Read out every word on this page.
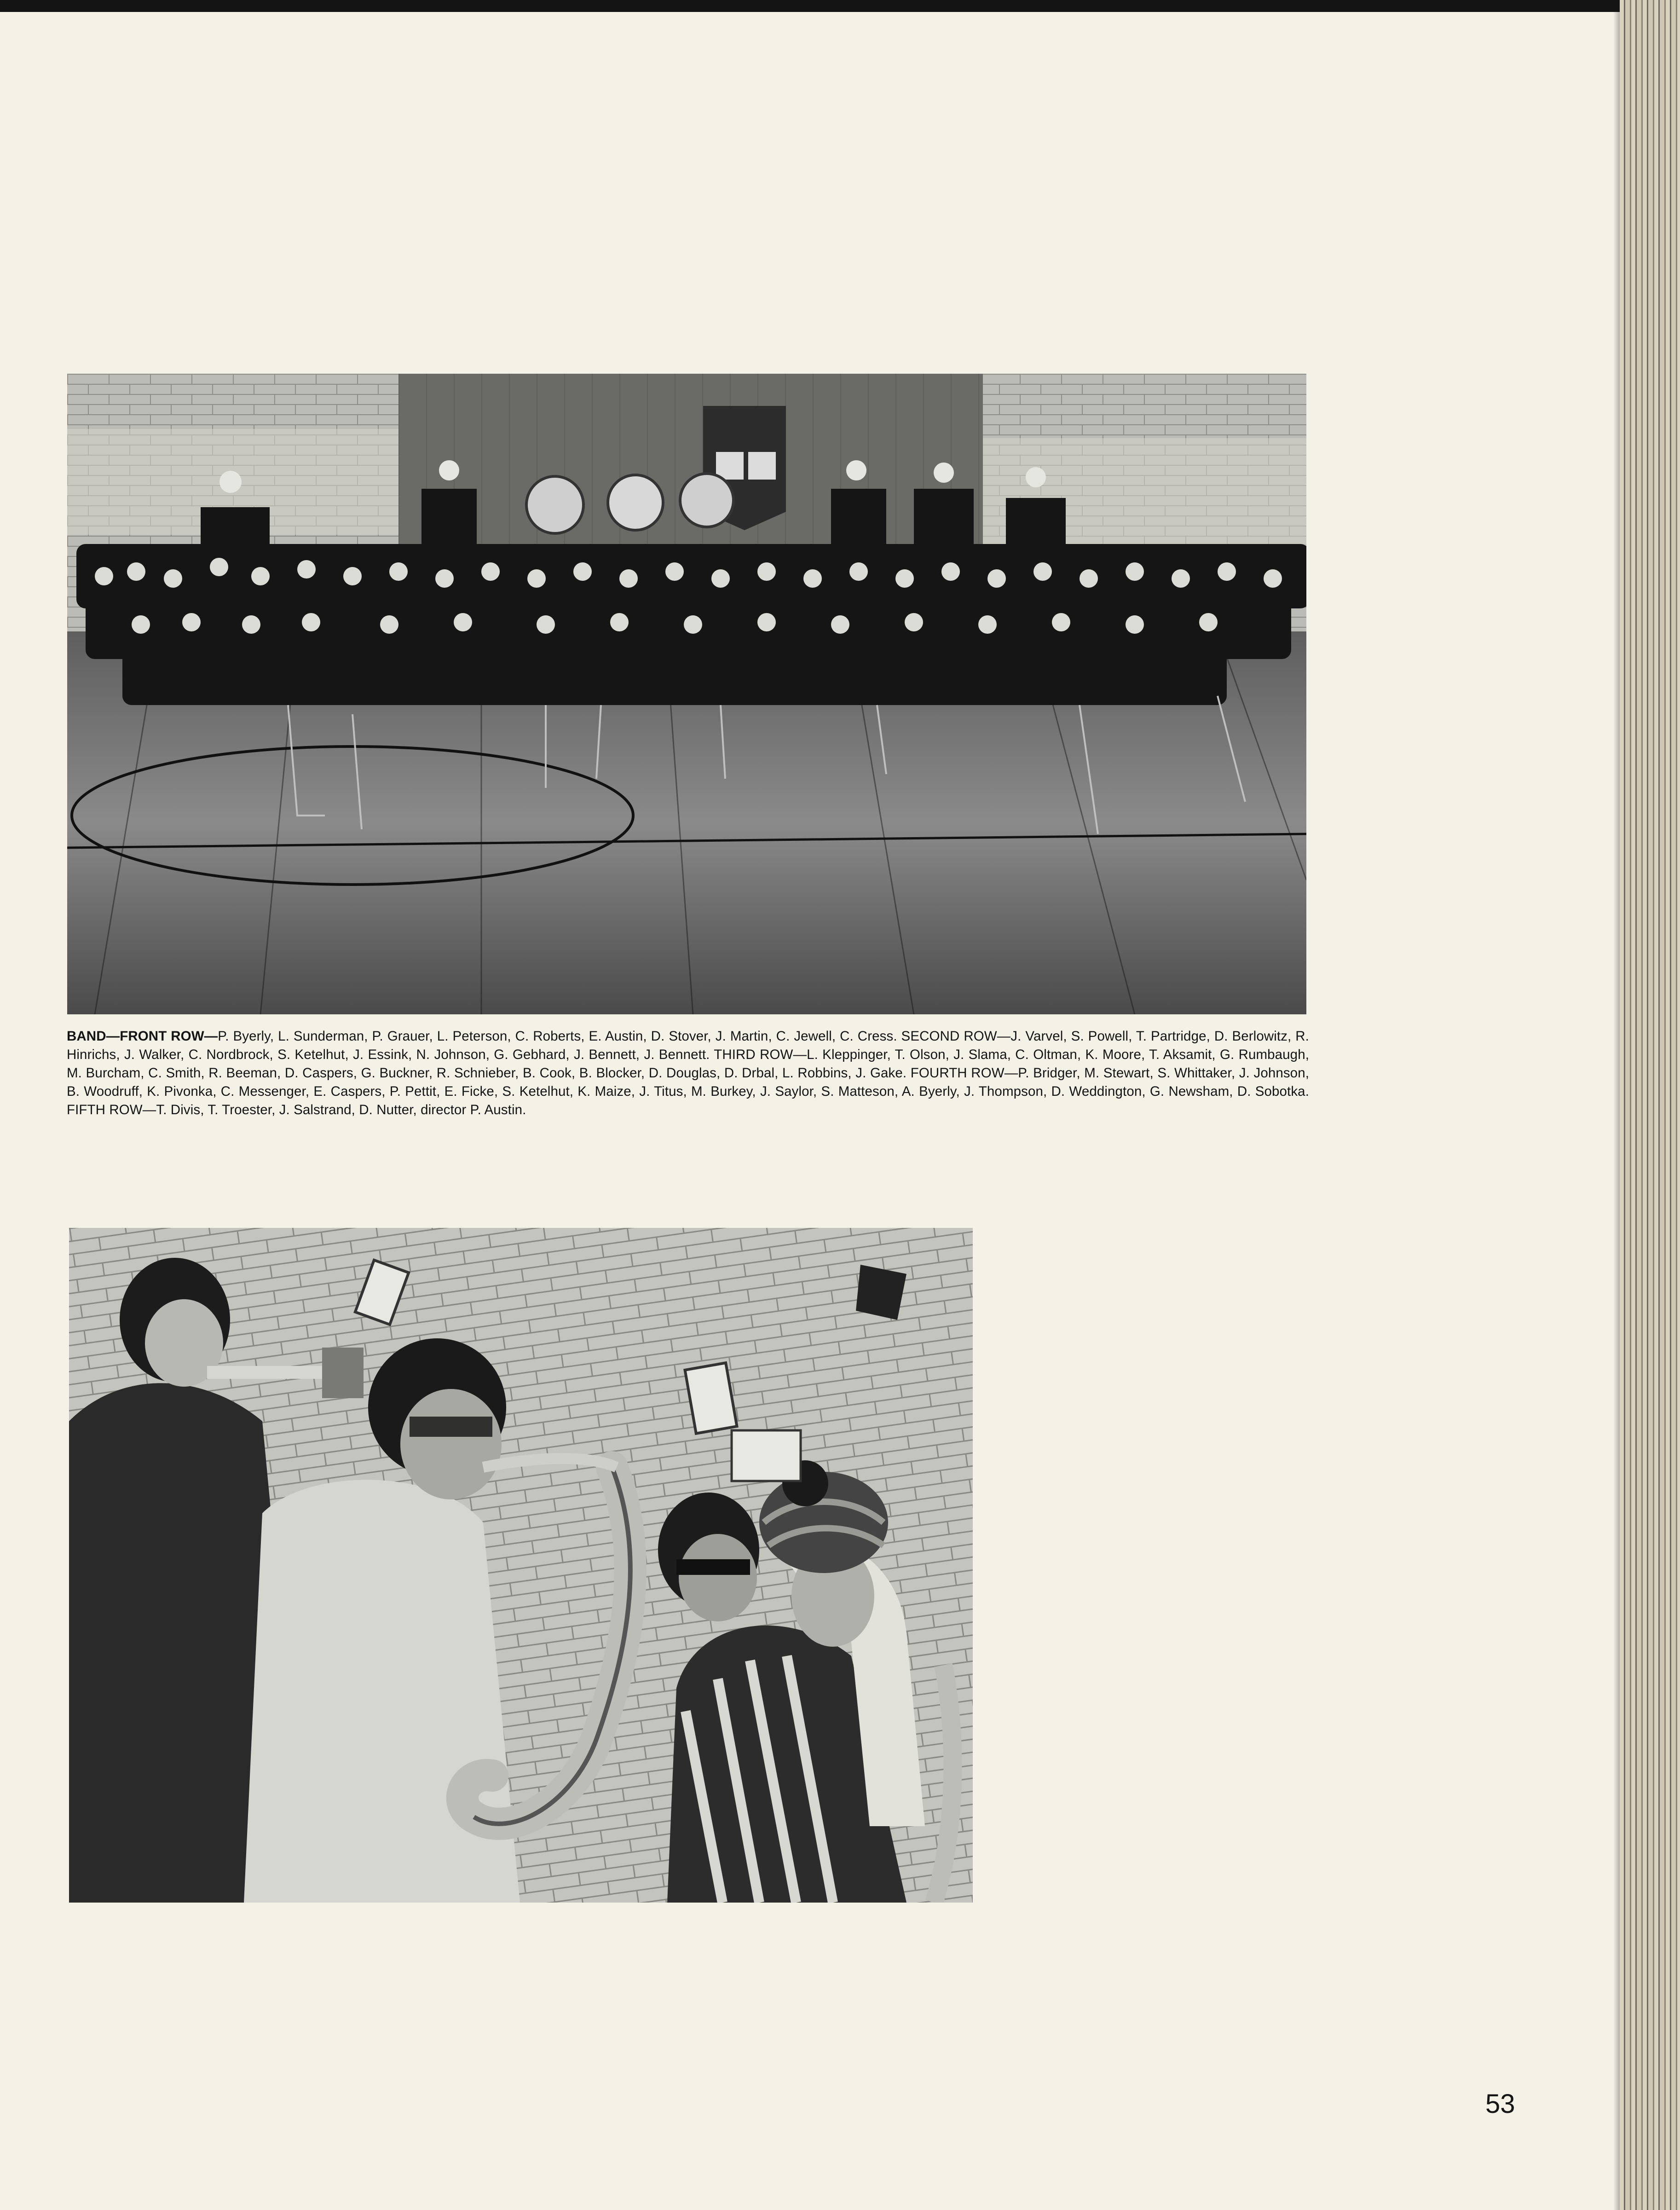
BAND—FRONT ROW—P. Byerly, L. Sunderman, P. Grauer, L. Peterson, C. Roberts, E. Austin, D. Stover, J. Martin, C. Jewell, C. Cress. SECOND ROW—J. Varvel, S. Powell, T. Partridge, D. Berlowitz, R. Hinrichs, J. Walker, C. Nordbrock, S. Ketelhut, J. Essink, N. Johnson, G. Gebhard, J. Bennett, J. Bennett. THIRD ROW—L. Kleppinger, T. Olson, J. Slama, C. Oltman, K. Moore, T. Aksamit, G. Rumbaugh, M. Burcham, C. Smith, R. Beeman, D. Caspers, G. Buckner, R. Schnieber, B. Cook, B. Blocker, D. Douglas, D. Drbal, L. Robbins, J. Gake. FOURTH ROW—P. Bridger, M. Stewart, S. Whittaker, J. Johnson, B. Woodruff, K. Pivonka, C. Messenger, E. Caspers, P. Pettit, E. Ficke, S. Ketelhut, K. Maize, J. Titus, M. Burkey, J. Saylor, S. Matteson, A. Byerly, J. Thompson, D. Weddington, G. Newsham, D. Sobotka. FIFTH ROW—T. Divis, T. Troester, J. Salstrand, D. Nutter, director P. Austin.
53
